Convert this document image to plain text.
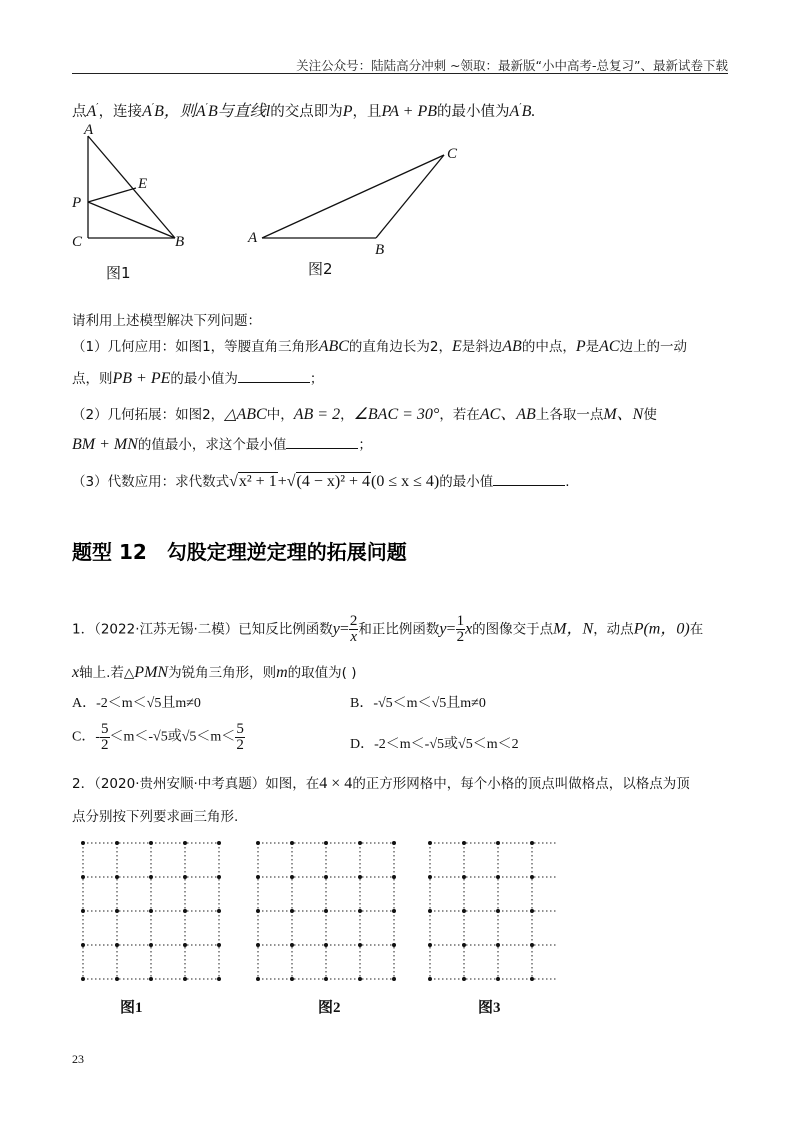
关注公众号：陆陆高分冲刺 ~领取：最新版“小中高考-总复习”、最新试卷下载
点A′，连接A′B，则A′B与直线l的交点即为P，且PA + PB的最小值为A′B.
A
E
P
C	B
图1
C
A
B
图2
请利用上述模型解决下列问题：
（1）几何应用：如图1，等腰直角三角形ABC的直角边长为2，E是斜边AB的中点，P是AC边上的一动
点，则PB + PE的最小值为	；
（2）几何拓展：如图2，△ABC中，AB = 2，∠BAC = 30°，若在AC、AB上各取一点M、N使
BM + MN的值最小，求这个最小值	；
（3）代数应用：求代数式√x² + 1+√(4 − x)² + 4(0 ≤ x ≤ 4)的最小值	.
题型 12　勾股定理逆定理的拓展问题
1．（2022·江苏无锡·二模）已知反比例函数$y= \frac{2}{x}$ 和正比例函数$y= \frac{1}{2}$ x的图像交于点M，N，动点P(m，0)在
x轴上.若△PMN为锐角三角形，则m的取值为( )
A．-2＜m＜√5且m≠0	B．-√5＜m＜√5且m≠0
C．- $\frac{5}{2} <m<-√5$或$√5<m< \frac{5}{2}$	D．-2＜m＜-√5或√5＜m＜2
2．（2020·贵州安顺·中考真题）如图，在4 × 4的正方形网格中，每个小格的顶点叫做格点，以格点为顶
点分别按下列要求画三角形.
图1	图2	图3
23
